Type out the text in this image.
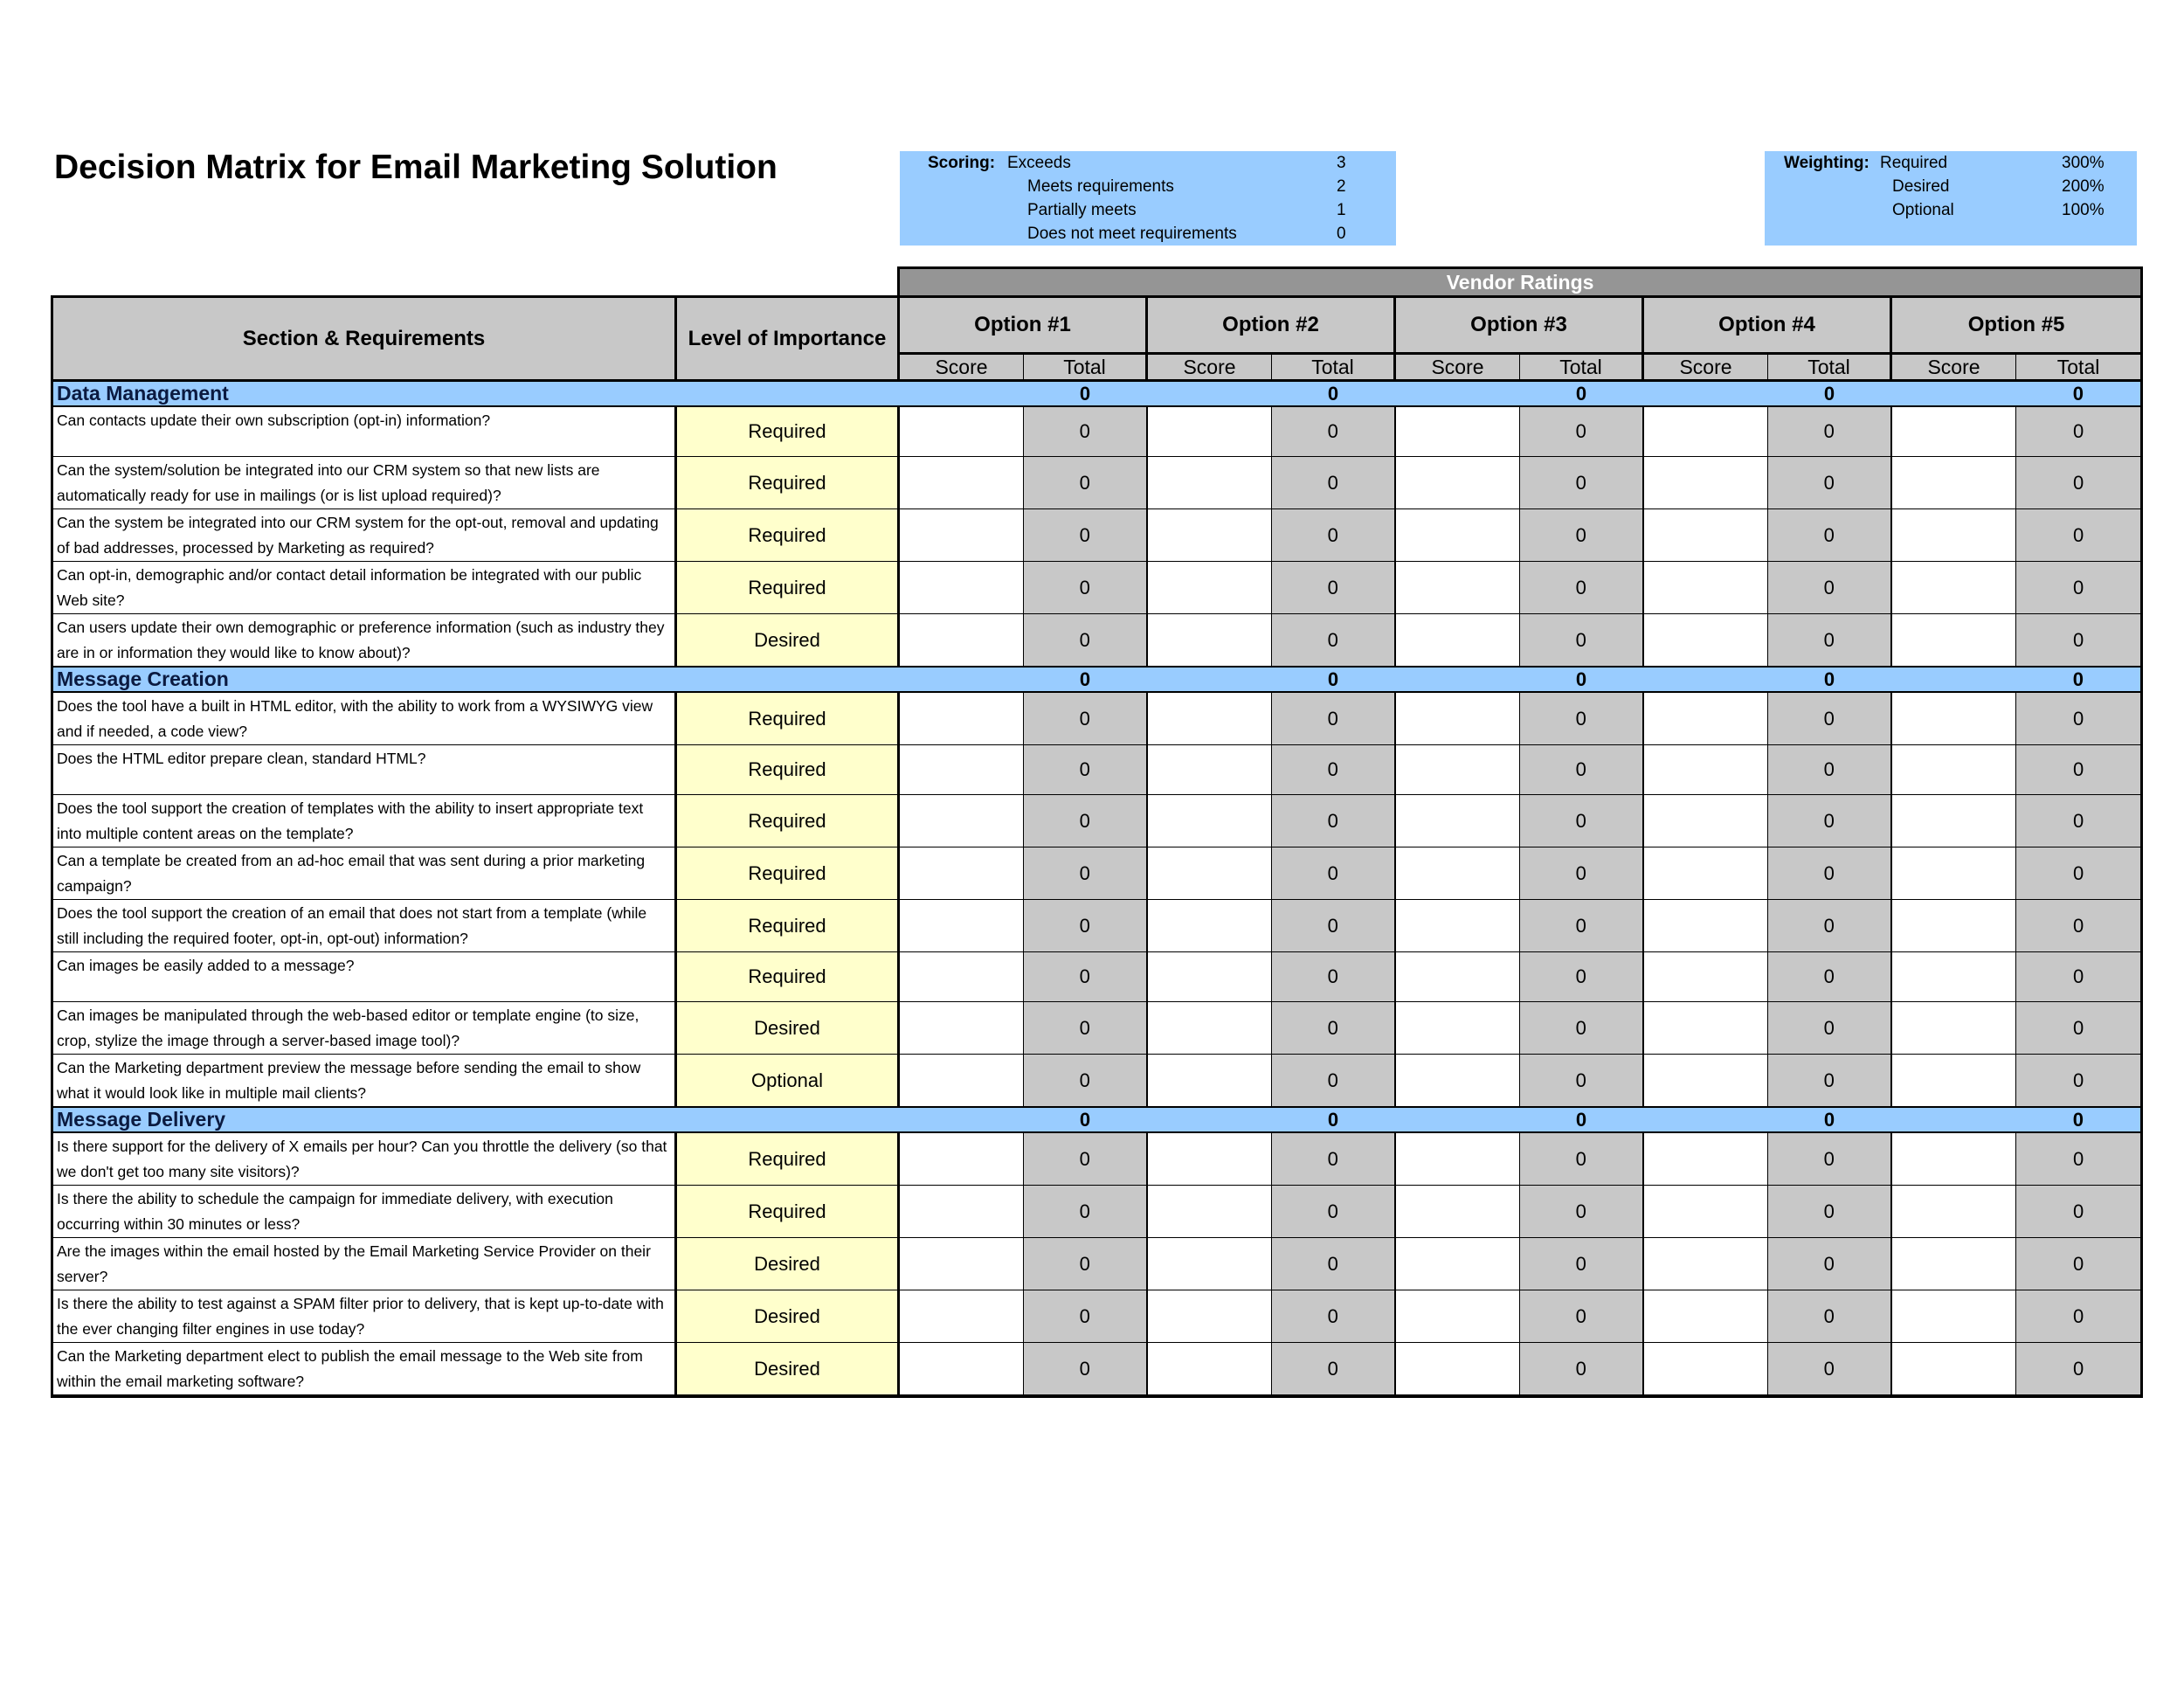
Decision Matrix for Email Marketing Solution	Scoring: Exceeds	3
Meets requirements	2
Partially meets	1
Does not meet requirements	0
Weighting: Required	300%
Desired	200%
Optional	100%
		Vendor Ratings									
Section & Requirements	Level of Importance	Option #1		Option #2		Option #3		Option #4		Option #5	
		Score	Total	Score	Total	Score	Total	Score	Total	Score	Total
Data Management			0		0		0		0		0
Can contacts update their own subscription (opt-in) information?	Required		0		0		0		0		0
Can the system/solution be integrated into our CRM system so that new lists are automatically ready for use in mailings (or is list upload required)?	Required		0		0		0		0		0
Can the system be integrated into our CRM system for the opt-out, removal and updating of bad addresses, processed by Marketing as required?	Required		0		0		0		0		0
Can opt-in, demographic and/or contact detail information be integrated with our public Web site?	Required		0		0		0		0		0
Can users update their own demographic or preference information (such as industry they are in or information they would like to know about)?	Desired		0		0		0		0		0
Message Creation			0		0		0		0		0
Does the tool have a built in HTML editor, with the ability to work from a WYSIWYG view and if needed, a code view?	Required		0		0		0		0		0
Does the HTML editor prepare clean, standard HTML?	Required		0		0		0		0		0
Does the tool support the creation of templates with the ability to insert appropriate text into multiple content areas on the template?	Required		0		0		0		0		0
Can a template be created from an ad-hoc email that was sent during a prior marketing campaign?	Required		0		0		0		0		0
Does the tool support the creation of an email that does not start from a template (while still including the required footer, opt-in, opt-out) information?	Required		0		0		0		0		0
Can images be easily added to a message?	Required		0		0		0		0		0
Can images be manipulated through the web-based editor or template engine (to size, crop, stylize the image through a server-based image tool)?	Desired		0		0		0		0		0
Can the Marketing department preview the message before sending the email to show what it would look like in multiple mail clients?	Optional		0		0		0		0		0
Message Delivery			0		0		0		0		0
Is there support for the delivery of X emails per hour? Can you throttle the delivery (so that we don't get too many site visitors)?	Required		0		0		0		0		0
Is there the ability to schedule the campaign for immediate delivery, with execution occurring within 30 minutes or less?	Required		0		0		0		0		0
Are the images within the email hosted by the Email Marketing Service Provider on their server?	Desired		0		0		0		0		0
Is there the ability to test against a SPAM filter prior to delivery, that is kept up-to-date with the ever changing filter engines in use today?	Desired		0		0		0		0		0
Can the Marketing department elect to publish the email message to the Web site from within the email marketing software?	Desired		0		0		0		0		0
